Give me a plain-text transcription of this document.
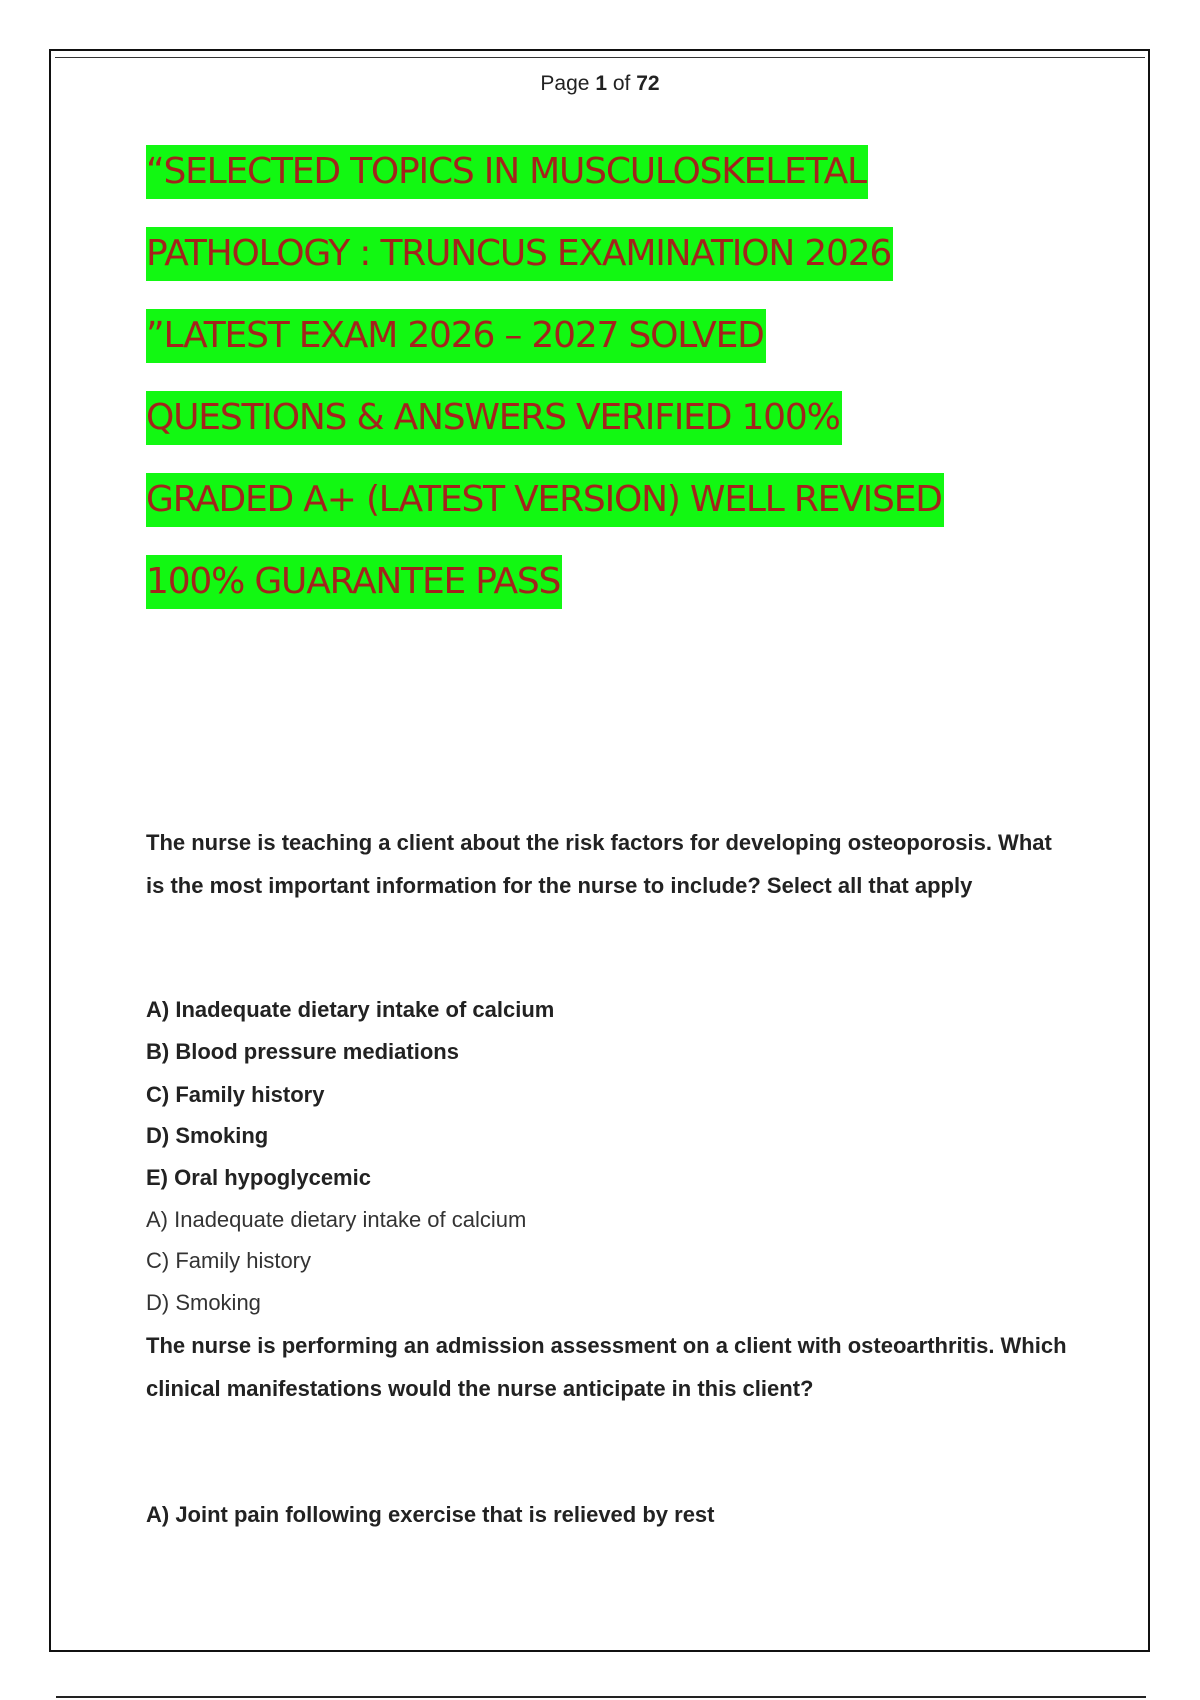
Page 1 of 72
“SELECTED TOPICS IN MUSCULOSKELETAL
PATHOLOGY : TRUNCUS EXAMINATION 2026
”LATEST EXAM 2026 – 2027 SOLVED
QUESTIONS & ANSWERS VERIFIED 100%
GRADED A+ (LATEST VERSION) WELL REVISED
100% GUARANTEE PASS
The nurse is teaching a client about the risk factors for developing osteoporosis. What is the most important information for the nurse to include? Select all that apply
A) Inadequate dietary intake of calcium
B) Blood pressure mediations
C) Family history
D) Smoking
E) Oral hypoglycemic
A) Inadequate dietary intake of calcium
C) Family history
D) Smoking
The nurse is performing an admission assessment on a client with osteoarthritis. Which clinical manifestations would the nurse anticipate in this client?
A) Joint pain following exercise that is relieved by rest
